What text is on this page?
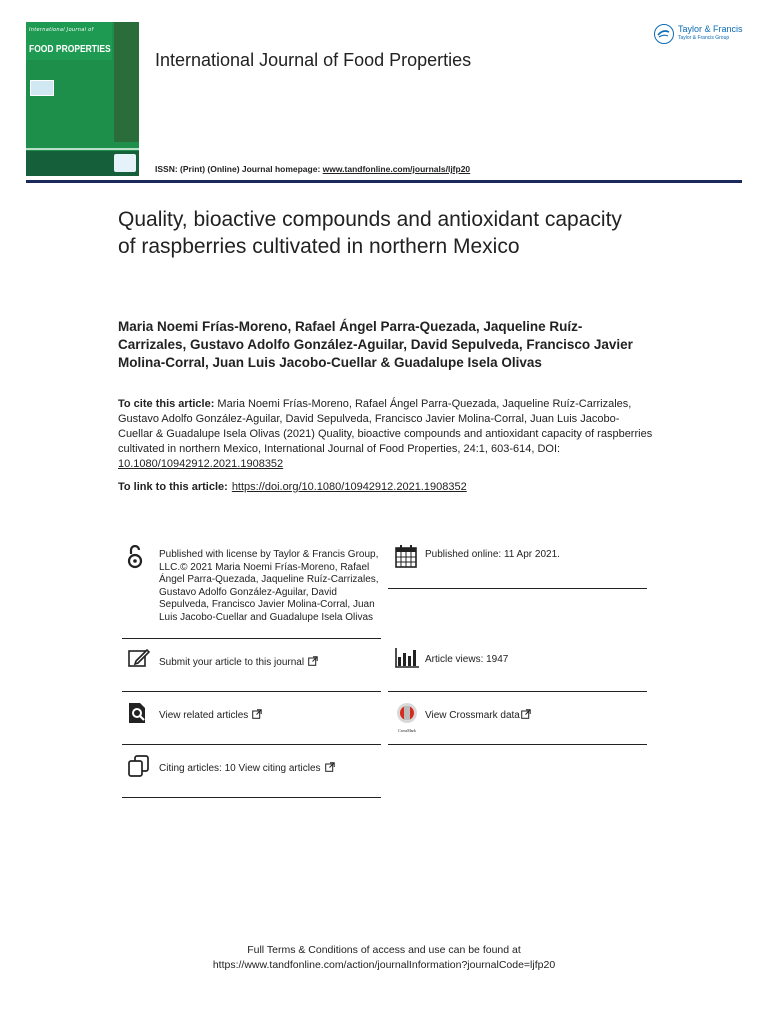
International Journal of
FOOD PROPERTIES
International Journal of Food Properties
ISSN: (Print) (Online) Journal homepage: www.tandfonline.com/journals/ljfp20
Taylor & Francis
Taylor & Francis Group
Quality, bioactive compounds and antioxidant capacity of raspberries cultivated in northern Mexico
Maria Noemi Frías-Moreno, Rafael Ángel Parra-Quezada, Jaqueline Ruíz-Carrizales, Gustavo Adolfo González-Aguilar, David Sepulveda, Francisco Javier Molina-Corral, Juan Luis Jacobo-Cuellar & Guadalupe Isela Olivas
To cite this article: Maria Noemi Frías-Moreno, Rafael Ángel Parra-Quezada, Jaqueline Ruíz-Carrizales, Gustavo Adolfo González-Aguilar, David Sepulveda, Francisco Javier Molina-Corral, Juan Luis Jacobo-Cuellar & Guadalupe Isela Olivas (2021) Quality, bioactive compounds and antioxidant capacity of raspberries cultivated in northern Mexico, International Journal of Food Properties, 24:1, 603-614, DOI: 10.1080/10942912.2021.1908352
To link to this article: https://doi.org/10.1080/10942912.2021.1908352
Published with license by Taylor & Francis Group, LLC.© 2021 Maria Noemi Frías-Moreno, Rafael Ángel Parra-Quezada, Jaqueline Ruíz-Carrizales, Gustavo Adolfo González-Aguilar, David Sepulveda, Francisco Javier Molina-Corral, Juan Luis Jacobo-Cuellar and Guadalupe Isela Olivas
Submit your article to this journal
View related articles
Citing articles: 10 View citing articles
Published online: 11 Apr 2021.
Article views: 1947
CrossMark
View Crossmark data
Full Terms & Conditions of access and use can be found at
https://www.tandfonline.com/action/journalInformation?journalCode=ljfp20
